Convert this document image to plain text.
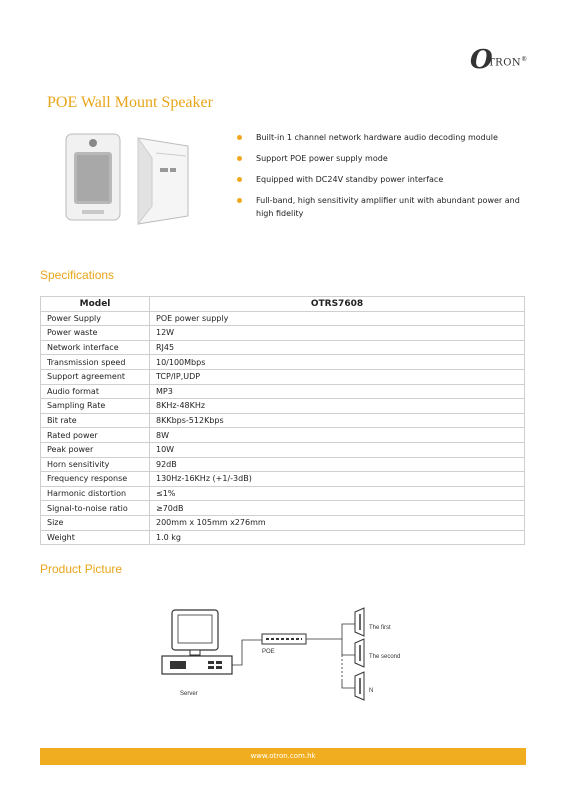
O
TRON®
POE Wall Mount Speaker
Built-in 1 channel network hardware audio decoding module
Support POE power supply mode
Equipped with DC24V standby power interface
Full-band, high sensitivity amplifier unit with abundant power and high fidelity
Specifications
Model	OTRS7608
Power Supply	POE power supply
Power waste	12W
Network interface	RJ45
Transmission speed	10/100Mbps
Support agreement	TCP/IP,UDP
Audio format	MP3
Sampling Rate	8KHz-48KHz
Bit rate	8KKbps-512Kbps
Rated power	8W
Peak power	10W
Horn sensitivity	92dB
Frequency response	130Hz-16KHz (+1/-3dB)
Harmonic distortion	≤1%
Signal-to-noise ratio	≥70dB
Size	200mm x 105mm x276mm
Weight	1.0 kg
Product Picture
Server
POE
The first
The second
N
www.otron.com.hk
